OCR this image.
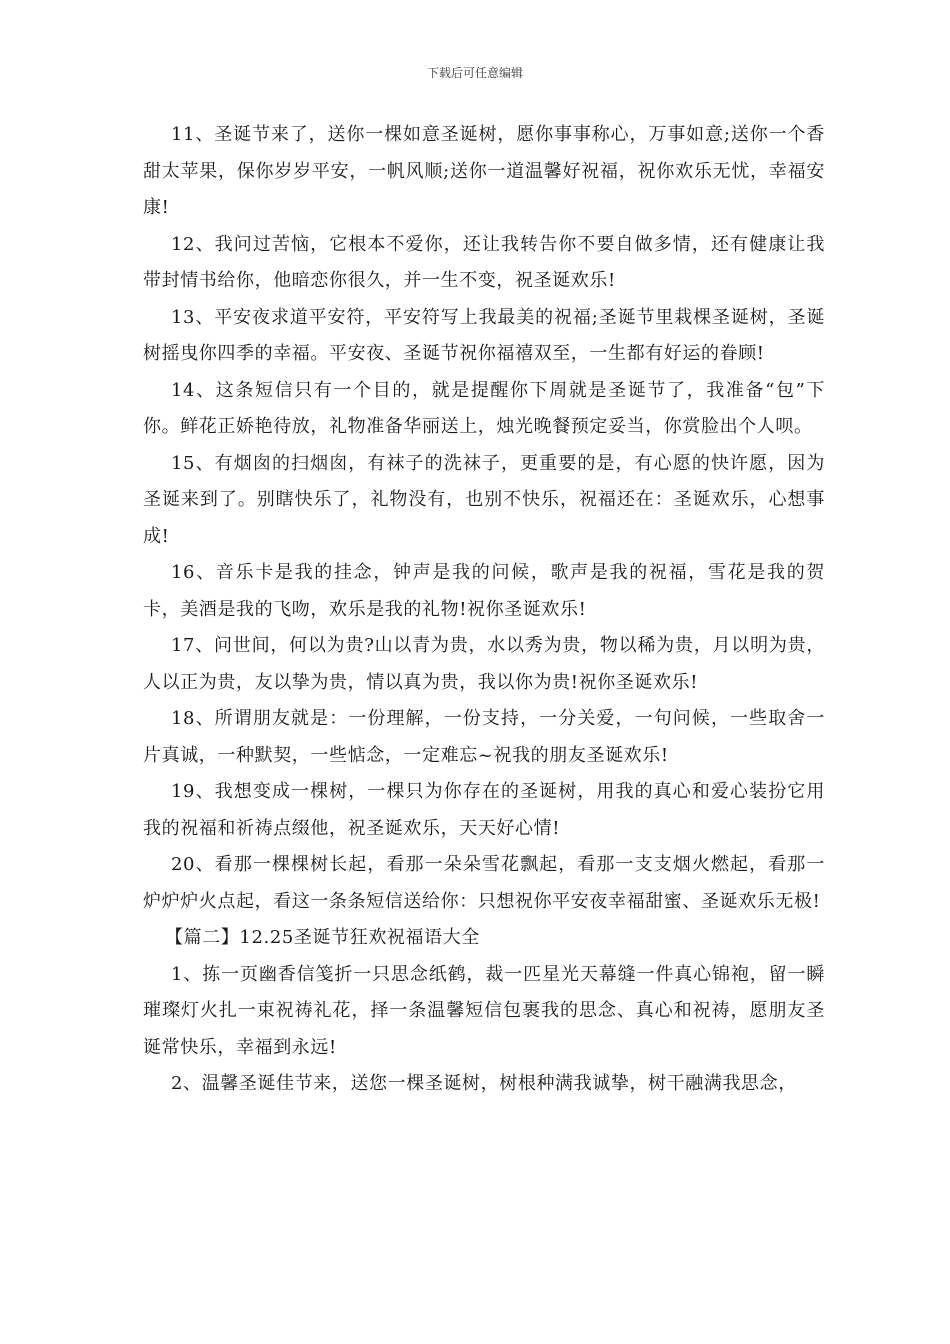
下载后可任意编辑

11、圣诞节来了，送你一棵如意圣诞树，愿你事事称心，万事如意;送你一个香甜太苹果，保你岁岁平安，一帆风顺;送你一道温馨好祝福，祝你欢乐无忧，幸福安康!

12、我问过苦恼，它根本不爱你，还让我转告你不要自做多情，还有健康让我带封情书给你，他暗恋你很久，并一生不变，祝圣诞欢乐!

13、平安夜求道平安符，平安符写上我最美的祝福;圣诞节里栽棵圣诞树，圣诞树摇曳你四季的幸福。平安夜、圣诞节祝你福禧双至，一生都有好运的眷顾!

14、这条短信只有一个目的，就是提醒你下周就是圣诞节了，我准备“包”下你。鲜花正娇艳待放，礼物准备华丽送上，烛光晚餐预定妥当，你赏脸出个人呗。

15、有烟囱的扫烟囱，有袜子的洗袜子，更重要的是，有心愿的快许愿，因为圣诞来到了。别瞎快乐了，礼物没有，也别不快乐，祝福还在：圣诞欢乐，心想事成!

16、音乐卡是我的挂念，钟声是我的问候，歌声是我的祝福，雪花是我的贺卡，美酒是我的飞吻，欢乐是我的礼物!祝你圣诞欢乐!

17、问世间，何以为贵?山以青为贵，水以秀为贵，物以稀为贵，月以明为贵，人以正为贵，友以挚为贵，情以真为贵，我以你为贵!祝你圣诞欢乐!

18、所谓朋友就是：一份理解，一份支持，一分关爱，一句问候，一些取舍一片真诚，一种默契，一些惦念，一定难忘~祝我的朋友圣诞欢乐!

19、我想变成一棵树，一棵只为你存在的圣诞树，用我的真心和爱心装扮它用我的祝福和祈祷点缀他，祝圣诞欢乐，天天好心情!

20、看那一棵棵树长起，看那一朵朵雪花飘起，看那一支支烟火燃起，看那一炉炉炉火点起，看这一条条短信送给你：只想祝你平安夜幸福甜蜜、圣诞欢乐无极!

【篇二】12.25圣诞节狂欢祝福语大全

1、拣一页幽香信笺折一只思念纸鹤，裁一匹星光天幕缝一件真心锦袍，留一瞬璀璨灯火扎一束祝祷礼花，择一条温馨短信包裹我的思念、真心和祝祷，愿朋友圣诞常快乐，幸福到永远!

2、温馨圣诞佳节来，送您一棵圣诞树，树根种满我诚挚，树干融满我思念，
